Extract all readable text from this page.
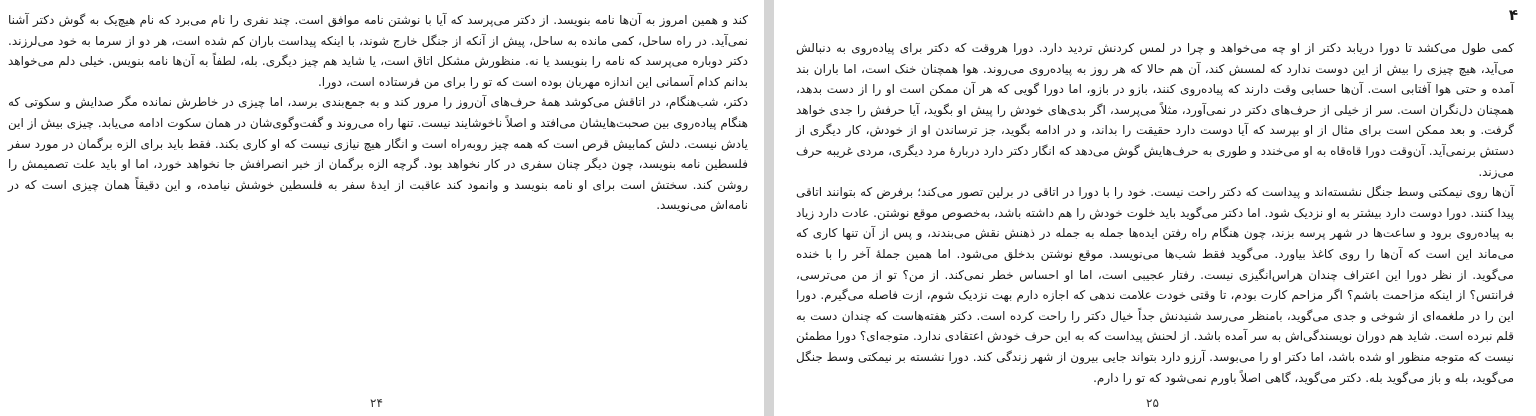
کند و همین امروز به آن‌ها نامه بنویسد. از دکتر می‌پرسد که آیا با نوشتن نامه موافق است. چند نفری را نام می‌برد که نام هیچ‌یک به گوش دکتر آشنا نمی‌آید. در راه ساحل، کمی مانده به ساحل، پیش از آنکه از جنگل خارج شوند، با اینکه پیداست باران کم شده است، هر دو از سرما به خود می‌لرزند. دکتر دوباره می‌پرسد که نامه را بنویسد یا نه. منظورش مشکل اتاق است، یا شاید هم چیز دیگری. بله، لطفاً به آن‌ها نامه بنویس. خیلی دلم می‌خواهد بدانم کدام آسمانی این اندازه مهربان بوده است که تو را برای من فرستاده است، دورا.

دکتر، شب‌هنگام، در اتاقش می‌کوشد همهٔ حرف‌های آن‌روز را مرور کند و به جمع‌بندی برسد، اما چیزی در خاطرش نمانده مگر صدایش و سکوتی که هنگام پیاده‌روی بین صحبت‌هایشان می‌افتد و اصلاً ناخوشایند نیست. تنها راه می‌روند و گفت‌وگوی‌شان در همان سکوت ادامه می‌یابد. چیزی بیش از این یادش نیست. دلش کمابیش قرص است که همه چیز روبه‌راه است و انگار هیچ نیازی نیست که او کاری بکند. فقط باید برای الزه برگمان در مورد سفر فلسطین نامه بنویسد، چون دیگر چنان سفری در کار نخواهد بود. گرچه الزه برگمان از خبر انصرافش جا نخواهد خورد، اما او باید علت تصمیمش را روشن کند. سختش است برای او نامه بنویسد و وانمود کند عاقبت از ایدهٔ سفر به فلسطین خوشش نیامده، و این دقیقاً همان چیزی است که در نامه‌اش می‌نویسد.

۲۴
۴

کمی طول می‌کشد تا دورا دریابد دکتر از او چه می‌خواهد و چرا در لمس کردنش تردید دارد. دورا هروقت که دکتر برای پیاده‌روی به دنبالش می‌آید، هیچ چیزی را بیش از این دوست ندارد که لمسش کند، آن هم حالا که هر روز به پیاده‌روی می‌روند. هوا همچنان خنک است، اما باران بند آمده و حتی هوا آفتابی است. آن‌ها حسابی وقت دارند که پیاده‌روی کنند، بازو در بازو، اما دورا گویی که هر آن ممکن است او را از دست بدهد، همچنان دل‌نگران است. سر از خیلی از حرف‌های دکتر در نمی‌آورد، مثلاً می‌پرسد، اگر بدی‌های خودش را پیش او بگوید، آیا حرفش را جدی خواهد گرفت. و بعد ممکن است برای مثال از او بپرسد که آیا دوست دارد حقیقت را بداند، و در ادامه بگوید، جز ترساندن او از خودش، کار دیگری از دستش برنمی‌آید. آن‌وقت دورا قاه‌قاه به او می‌خندد و طوری به حرف‌هایش گوش می‌دهد که انگار دکتر دارد دربارهٔ مرد دیگری، مردی غریبه حرف می‌زند.

آن‌ها روی نیمکتی وسط جنگل نشسته‌اند و پیداست که دکتر راحت نیست. خود را با دورا در اتاقی در برلین تصور می‌کند؛ برفرض که بتوانند اتاقی پیدا کنند. دورا دوست دارد بیشتر به او نزدیک شود. اما دکتر می‌گوید باید خلوت خودش را هم داشته باشد، به‌خصوص موقع نوشتن. عادت دارد زیاد به پیاده‌روی برود و ساعت‌ها در شهر پرسه بزند، چون هنگام راه رفتن ایده‌ها جمله به جمله در ذهنش نقش می‌بندند، و پس از آن تنها کاری که می‌ماند این است که آن‌ها را روی کاغذ بیاورد. می‌گوید فقط شب‌ها می‌نویسد. موقع نوشتن بدخلق می‌شود. اما همین جملهٔ آخر را با خنده می‌گوید. از نظر دورا این اعتراف چندان هراس‌انگیزی نیست. رفتار عجیبی است، اما او احساس خطر نمی‌کند. از من؟ تو از من می‌ترسی، فرانتس؟ از اینکه مزاحمت باشم؟ اگر مزاحم کارت بودم، تا وقتی خودت علامت ندهی که اجازه دارم بهت نزدیک شوم، ازت فاصله می‌گیرم. دورا این را در ملغمه‌ای از شوخی و جدی می‌گوید، با‌منظر می‌رسد شنیدنش جداً خیال دکتر را راحت کرده است. دکتر هفته‌هاست که چندان دست به قلم نبرده است. شاید هم دوران نویسندگی‌اش به سر آمده باشد. از لحنش پیداست که به این حرف خودش اعتقادی ندارد. متوجه‌ای؟ دورا مطمئن نیست که متوجه منظور او شده باشد، اما دکتر او را می‌بوسد. آرزو دارد بتواند جایی بیرون از شهر زندگی کند. دورا نشسته بر نیمکتی وسط جنگل می‌گوید، بله و باز می‌گوید بله. دکتر می‌گوید، گاهی اصلاً باورم نمی‌شود که تو را دارم.

۲۵
